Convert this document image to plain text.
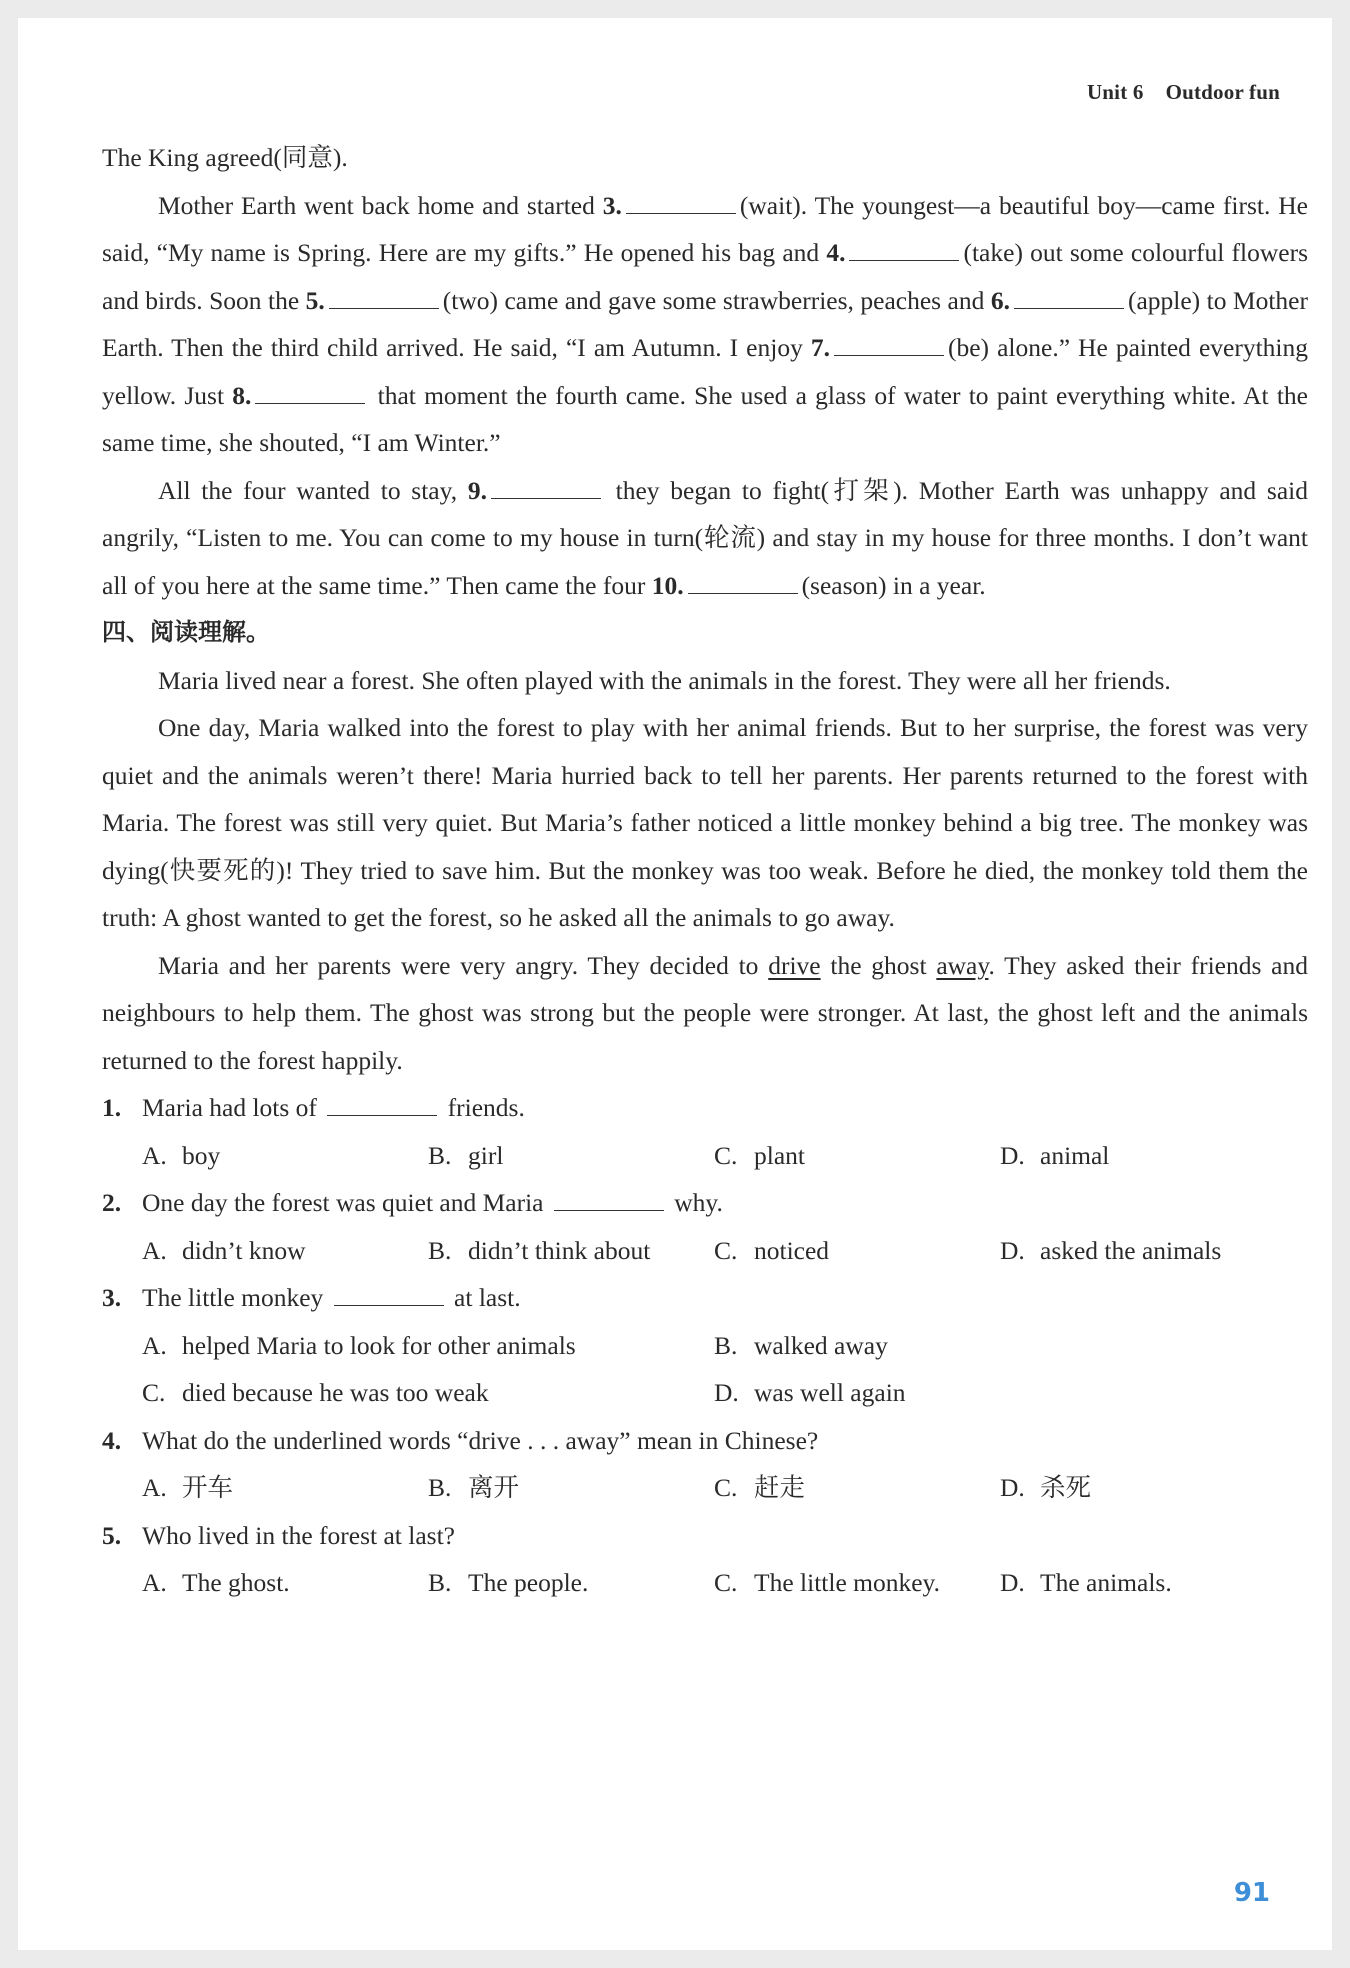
Unit 6 Outdoor fun

The King agreed(同意).

Mother Earth went back home and started 3.	(wait). The youngest—a beautiful boy—came first. He said, “My name is Spring. Here are my gifts.” He opened his bag and 4.	(take) out some colourful flowers and birds. Soon the 5.	(two) came and gave some strawberries, peaches and 6.	(apple) to Mother Earth. Then the third child arrived. He said, “I am Autumn. I enjoy 7.	(be) alone.” He painted everything yellow. Just 8.	that moment the fourth came. She used a glass of water to paint everything white. At the same time, she shouted, “I am Winter.”

All the four wanted to stay, 9.	they began to fight(打架). Mother Earth was unhappy and said angrily, “Listen to me. You can come to my house in turn(轮流) and stay in my house for three months. I don’t want all of you here at the same time.” Then came the four 10.	(season) in a year.

四、阅读理解。

Maria lived near a forest. She often played with the animals in the forest. They were all her friends.

One day, Maria walked into the forest to play with her animal friends. But to her surprise, the forest was very quiet and the animals weren’t there! Maria hurried back to tell her parents. Her parents returned to the forest with Maria. The forest was still very quiet. But Maria’s father noticed a little monkey behind a big tree. The monkey was dying(快要死的)! They tried to save him. But the monkey was too weak. Before he died, the monkey told them the truth: A ghost wanted to get the forest, so he asked all the animals to go away.

Maria and her parents were very angry. They decided to drive the ghost away. They asked their friends and neighbours to help them. The ghost was strong but the people were stronger. At last, the ghost left and the animals returned to the forest happily.

1. Maria had lots of	friends.
A. boy	B. girl	C. plant	D. animal
2. One day the forest was quiet and Maria	why.
A. didn’t know	B. didn’t think about	C. noticed	D. asked the animals
3. The little monkey	at last.
A. helped Maria to look for other animals	B. walked away
C. died because he was too weak	D. was well again
4. What do the underlined words “drive . . . away” mean in Chinese?
A. 开车	B. 离开	C. 赶走	D. 杀死
5. Who lived in the forest at last?
A. The ghost.	B. The people.	C. The little monkey.	D. The animals.
91
